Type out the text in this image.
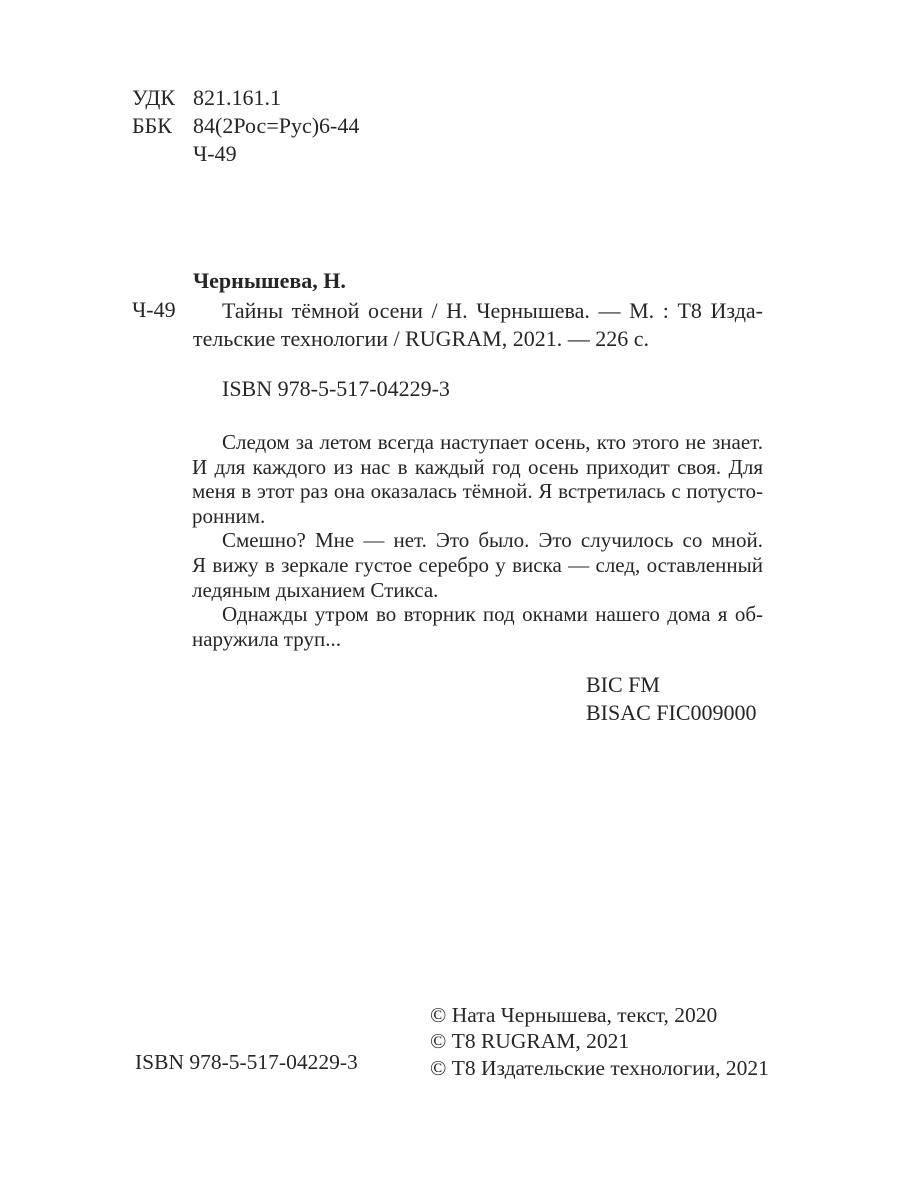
УДК 821.161.1
ББК 84(2Рос=Рус)6-44
Ч-49
Чернышева, Н.
Ч-49	Тайны тёмной осени / Н. Чернышева. — М. : Т8 Изда-
тельские технологии / RUGRAM, 2021. — 226 с.
ISBN 978-5-517-04229-3
Следом за летом всегда наступает осень, кто этого не знает.
И для каждого из нас в каждый год осень приходит своя. Для
меня в этот раз она оказалась тёмной. Я встретилась с потусто-
ронним.
Смешно? Мне — нет. Это было. Это случилось со мной.
Я вижу в зеркале густое серебро у виска — след, оставленный
ледяным дыханием Стикса.
Однажды утром во вторник под окнами нашего дома я об-
наружила труп...
BIC FM
BISAC FIC009000
ISBN 978-5-517-04229-3
© Ната Чернышева, текст, 2020
© Т8 RUGRAM, 2021
© Т8 Издательские технологии, 2021
